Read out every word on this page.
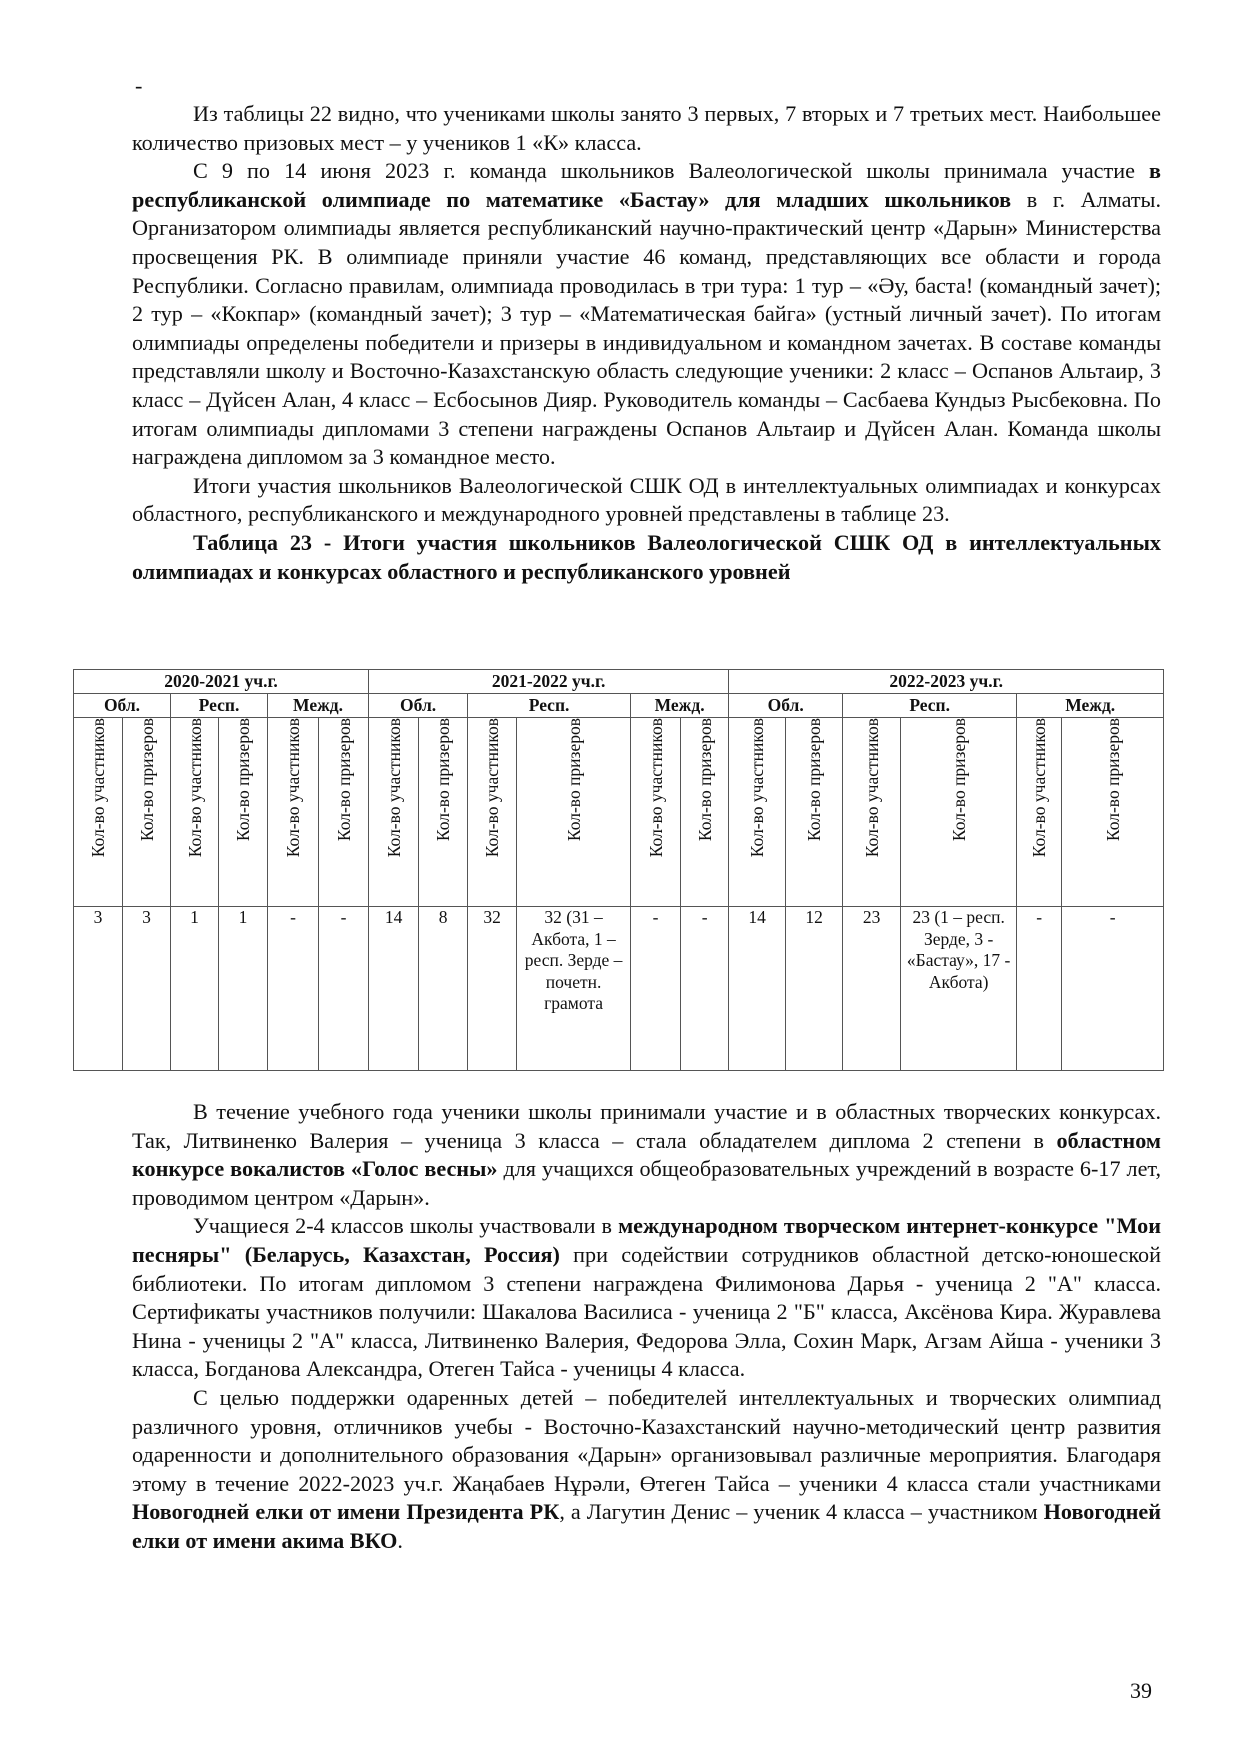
-

Из таблицы 22 видно, что учениками школы занято 3 первых, 7 вторых и 7 третьих мест. Наибольшее количество призовых мест – у учеников 1 «К» класса.

С 9 по 14 июня 2023 г. команда школьников Валеологической школы принимала участие в республиканской олимпиаде по математике «Бастау» для младших школьников в г. Алматы. Организатором олимпиады является республиканский научно-практический центр «Дарын» Министерства просвещения РК. В олимпиаде приняли участие 46 команд, представляющих все области и города Республики. Согласно правилам, олимпиада проводилась в три тура: 1 тур – «Әу, баста! (командный зачет); 2 тур – «Кокпар» (командный зачет); 3 тур – «Математическая байга» (устный личный зачет). По итогам олимпиады определены победители и призеры в индивидуальном и командном зачетах. В составе команды представляли школу и Восточно-Казахстанскую область следующие ученики: 2 класс – Оспанов Альтаир, 3 класс – Дүйсен Алан, 4 класс – Есбосынов Дияр. Руководитель команды – Сасбаева Кундыз Рысбековна. По итогам олимпиады дипломами 3 степени награждены Оспанов Альтаир и Дүйсен Алан. Команда школы награждена дипломом за 3 командное место.

Итоги участия школьников Валеологической СШК ОД в интеллектуальных олимпиадах и конкурсах областного, республиканского и международного уровней представлены в таблице 23.

Таблица 23 - Итоги участия школьников Валеологической СШК ОД в интеллектуальных олимпиадах и конкурсах областного и республиканского уровней
2020-2021 уч.г.						2021-2022 уч.г.						2022-2023 уч.г.					
Обл.		Респ.		Межд.		Обл.		Респ.		Межд.		Обл.		Респ.		Межд.	
Кол-во участников	Кол-во призеров	Кол-во участников	Кол-во призеров	Кол-во участников	Кол-во призеров	Кол-во участников	Кол-во призеров	Кол-во участников	Кол-во призеров	Кол-во участников	Кол-во призеров	Кол-во участников	Кол-во призеров	Кол-во участников	Кол-во призеров	Кол-во участников	Кол-во призеров
3	3	1	1	-	-	14	8	32	32 (31 – Акбота, 1 – респ. Зерде – почетн. грамота	-	-	14	12	23	23 (1 – респ. Зерде, 3 - «Бастау», 17 - Акбота)	-	-

В течение учебного года ученики школы принимали участие и в областных творческих конкурсах. Так, Литвиненко Валерия – ученица 3 класса – стала обладателем диплома 2 степени в областном конкурсе вокалистов «Голос весны» для учащихся общеобразовательных учреждений в возрасте 6-17 лет, проводимом центром «Дарын».

Учащиеся 2-4 классов школы участвовали в международном творческом интернет-конкурсе "Мои песняры" (Беларусь, Казахстан, Россия) при содействии сотрудников областной детско-юношеской библиотеки. По итогам дипломом 3 степени награждена Филимонова Дарья - ученица 2 "А" класса. Сертификаты участников получили: Шакалова Василиса - ученица 2 "Б" класса, Аксёнова Кира. Журавлева Нина - ученицы 2 "А" класса, Литвиненко Валерия, Федорова Элла, Сохин Марк, Агзам Айша - ученики 3 класса, Богданова Александра, Отеген Тайса - ученицы 4 класса.

С целью поддержки одаренных детей – победителей интеллектуальных и творческих олимпиад различного уровня, отличников учебы - Восточно-Казахстанский научно-методический центр развития одаренности и дополнительного образования «Дарын» организовывал различные мероприятия. Благодаря этому в течение 2022-2023 уч.г. Жаңабаев Нұрәли, Өтеген Тайса – ученики 4 класса стали участниками Новогодней елки от имени Президента РК, а Лагутин Денис – ученик 4 класса – участником Новогодней елки от имени акима ВКО.

39
